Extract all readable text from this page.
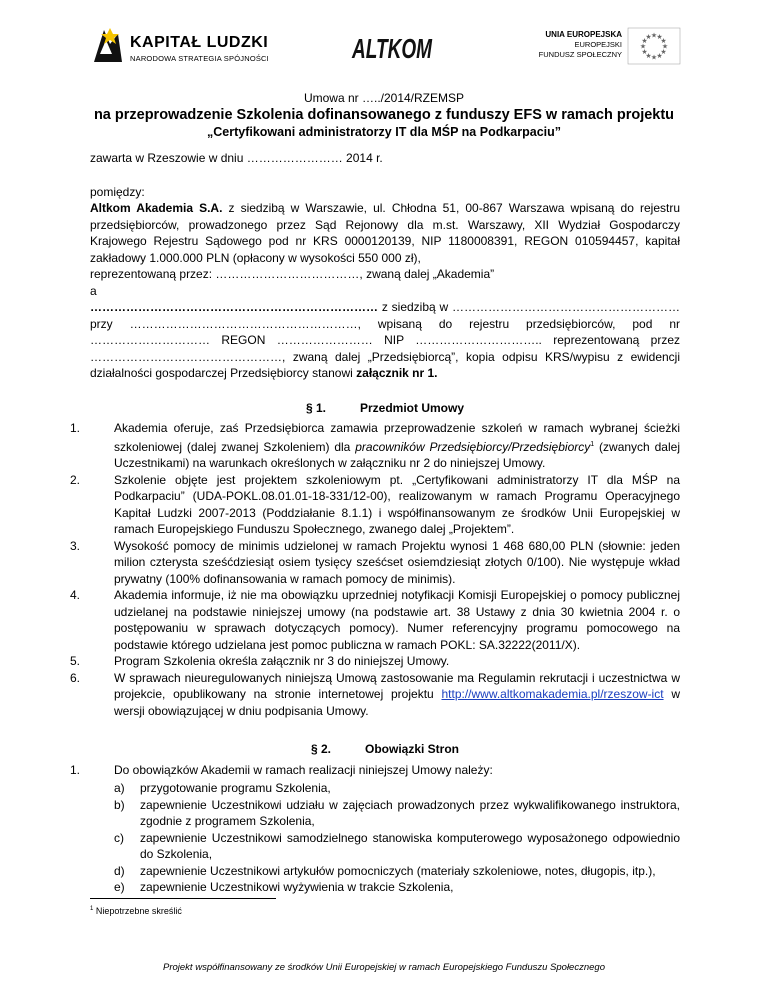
KAPITAŁ LUDZKI
NARODOWA STRATEGIA SPÓJNOŚCI	ALTKOM	UNIA EUROPEJSKA
EUROPEJSKI
FUNDUSZ SPOŁECZNY
★
★
★
★
★
★
★
★
★ ★ ★
★
Umowa nr …../2014/RZEMSP
na przeprowadzenie Szkolenia dofinansowanego z funduszy EFS w ramach projektu
„Certyfikowani administratorzy IT dla MŚP na Podkarpaciu”

zawarta w Rzeszowie w dniu …………………… 2014 r.

pomiędzy:

Altkom Akademia S.A. z siedzibą w Warszawie, ul. Chłodna 51, 00-867 Warszawa wpisaną do rejestru przedsiębiorców, prowadzonego przez Sąd Rejonowy dla m.st. Warszawy, XII Wydział Gospodarczy Krajowego Rejestru Sądowego pod nr KRS 0000120139, NIP 1180008391, REGON 010594457, kapitał zakładowy 1.000.000 PLN (opłacony w wysokości 550 000 zł),

reprezentowaną przez: ………………………………, zwaną dalej „Akademia”

a

……………………………………………………………… z siedzibą w ………………………………………………… przy …………………………………………………, wpisaną do rejestru przedsiębiorców, pod nr ………………………… REGON …………………… NIP ………………………….. reprezentowaną przez …………………………………………, zwaną dalej „Przedsiębiorcą”, kopia odpisu KRS/wypisu z ewidencji działalności gospodarczej Przedsiębiorcy stanowi załącznik nr 1.

§ 1.	Przedmiot Umowy

1.	Akademia oferuje, zaś Przedsiębiorca zamawia przeprowadzenie szkoleń w ramach wybranej ścieżki szkoleniowej (dalej zwanej Szkoleniem) dla pracowników Przedsiębiorcy/Przedsiębiorcy$^1$ (zwanych dalej Uczestnikami) na warunkach określonych w załączniku nr 2 do niniejszej Umowy.
2.	Szkolenie objęte jest projektem szkoleniowym pt. „Certyfikowani administratorzy IT dla MŚP na Podkarpaciu” (UDA-POKL.08.01.01-18-331/12-00), realizowanym w ramach Programu Operacyjnego Kapitał Ludzki 2007-2013 (Poddziałanie 8.1.1) i współfinansowanym ze środków Unii Europejskiej w ramach Europejskiego Funduszu Społecznego, zwanego dalej „Projektem”.
3.	Wysokość pomocy de minimis udzielonej w ramach Projektu wynosi 1 468 680,00 PLN (słownie: jeden milion czterysta sześćdziesiąt osiem tysięcy sześćset osiemdziesiąt złotych 0/100). Nie występuje wkład prywatny (100% dofinansowania w ramach pomocy de minimis).
4.	Akademia informuje, iż nie ma obowiązku uprzedniej notyfikacji Komisji Europejskiej o pomocy publicznej udzielanej na podstawie niniejszej umowy (na podstawie art. 38 Ustawy z dnia 30 kwietnia 2004 r. o postępowaniu w sprawach dotyczących pomocy). Numer referencyjny programu pomocowego na podstawie którego udzielana jest pomoc publiczna w ramach POKL: SA.32222(2011/X).
5.	Program Szkolenia określa załącznik nr 3 do niniejszej Umowy.
6.	W sprawach nieuregulowanych niniejszą Umową zastosowanie ma Regulamin rekrutacji i uczestnictwa w projekcie, opublikowany na stronie internetowej projektu http://www.altkomakademia.pl/rzeszow-ict w wersji obowiązującej w dniu podpisania Umowy.

§ 2.	Obowiązki Stron

1.	Do obowiązków Akademii w ramach realizacji niniejszej Umowy należy:
a)	przygotowanie programu Szkolenia,
b)	zapewnienie Uczestnikowi udziału w zajęciach prowadzonych przez wykwalifikowanego instruktora, zgodnie z programem Szkolenia,
c)	zapewnienie Uczestnikowi samodzielnego stanowiska komputerowego wyposażonego odpowiednio do Szkolenia,
d)	zapewnienie Uczestnikowi artykułów pomocniczych (materiały szkoleniowe, notes, długopis, itp.),
e)	zapewnienie Uczestnikowi wyżywienia w trakcie Szkolenia,
$^1$ Niepotrzebne skreślić
Projekt współfinansowany ze środków Unii Europejskiej w ramach Europejskiego Funduszu Społecznego
